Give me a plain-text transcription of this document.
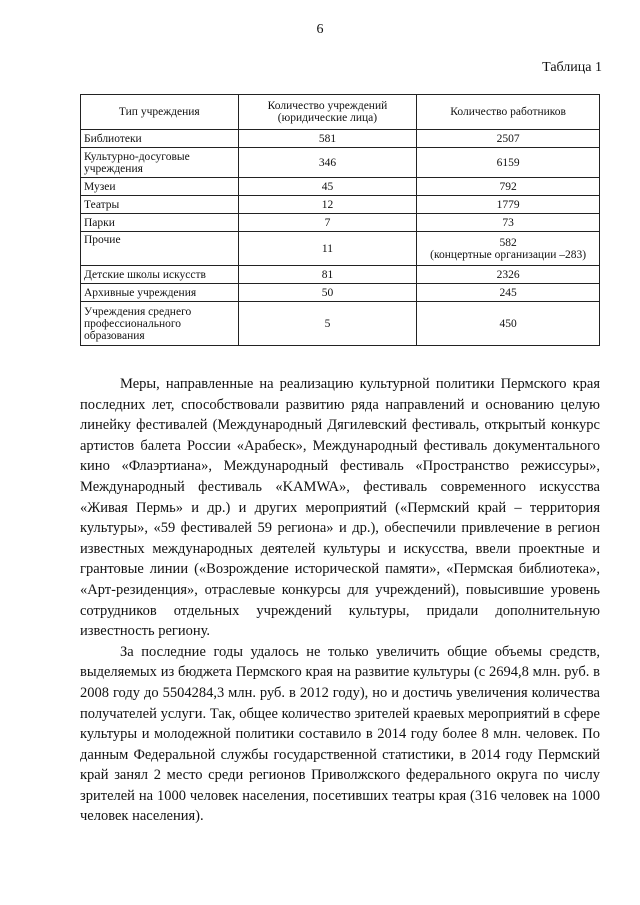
6
Таблица 1
Тип учреждения	Количество учреждений (юридические лица)	Количество работников
Библиотеки	581	2507
Культурно-досуговые учреждения	346	6159
Музеи	45	792
Театры	12	1779
Парки	7	73
Прочие	11	582
(концертные организации –283)

Детские школы искусств	81	2326
Архивные учреждения	50	245
Учреждения среднего профессионального образования	5	450

Меры, направленные на реализацию культурной политики Пермского края последних лет, способствовали развитию ряда направлений и основанию целую линейку фестивалей (Международный Дягилевский фестиваль, открытый конкурс артистов балета России «Арабеск», Международный фестиваль документального кино «Флаэртиана», Международный фестиваль «Пространство режиссуры», Международный фестиваль «KAMWA», фестиваль современного искусства «Живая Пермь» и др.) и других мероприятий («Пермский край – территория культуры», «59 фестивалей 59 региона» и др.), обеспечили привлечение в регион известных международных деятелей культуры и искусства, ввели проектные и грантовые линии («Возрождение исторической памяти», «Пермская библиотека», «Арт-резиденция», отраслевые конкурсы для учреждений), повысившие уровень сотрудников отдельных учреждений культуры, придали дополнительную известность региону.

За последние годы удалось не только увеличить общие объемы средств, выделяемых из бюджета Пермского края на развитие культуры (с 2694,8 млн. руб. в 2008 году до 5504284,3 млн. руб. в 2012 году), но и достичь увеличения количества получателей услуги. Так, общее количество зрителей краевых мероприятий в сфере культуры и молодежной политики составило в 2014 году более 8 млн. человек. По данным Федеральной службы государственной статистики, в 2014 году Пермский край занял 2 место среди регионов Приволжского федерального округа по числу зрителей на 1000 человек населения, посетивших театры края (316 человек на 1000 человек населения).
